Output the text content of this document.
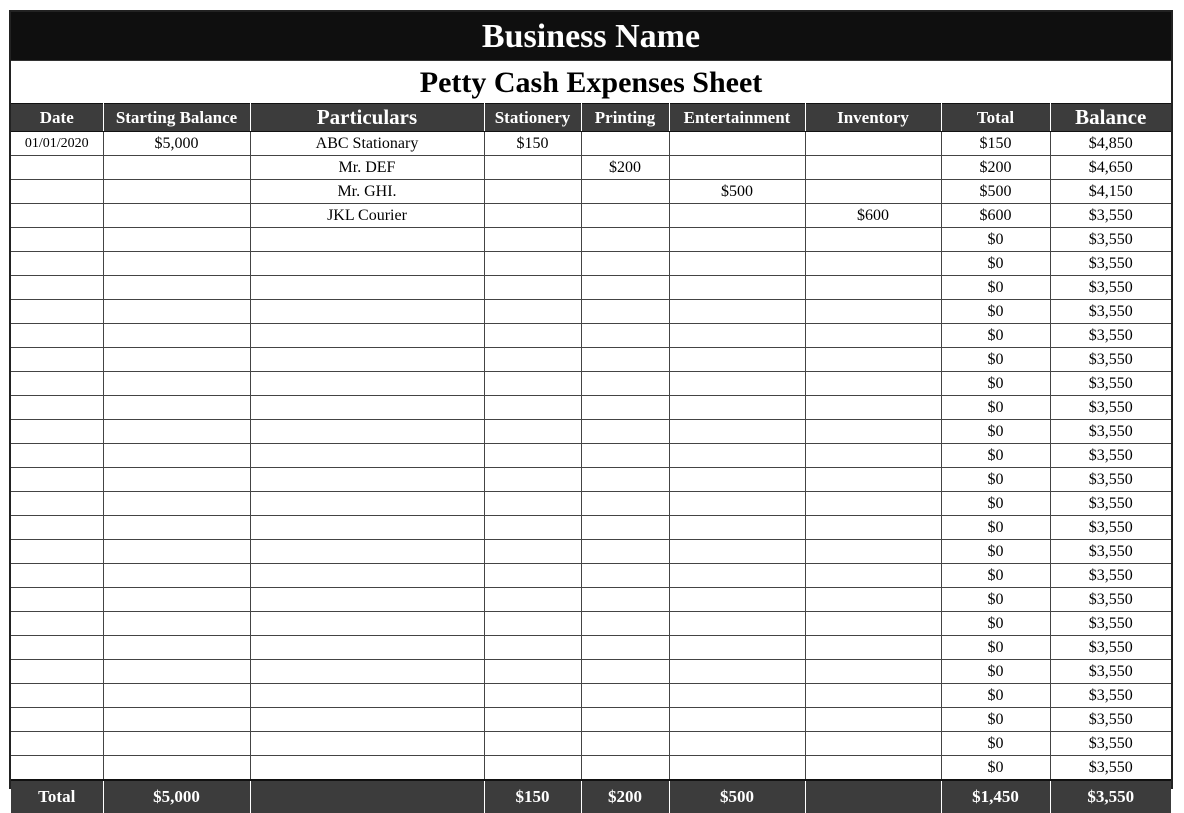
Business Name
Petty Cash Expenses Sheet
Date	Starting Balance	Particulars	Stationery	Printing	Entertainment	Inventory	Total	Balance
01/01/2020	$5,000	ABC Stationary	$150				$150	$4,850
		Mr. DEF		$200			$200	$4,650
		Mr. GHI.			$500		$500	$4,150
		JKL Courier				$600	$600	$3,550
							$0	$3,550
							$0	$3,550
							$0	$3,550
							$0	$3,550
							$0	$3,550
							$0	$3,550
							$0	$3,550
							$0	$3,550
							$0	$3,550
							$0	$3,550
							$0	$3,550
							$0	$3,550
							$0	$3,550
							$0	$3,550
							$0	$3,550
							$0	$3,550
							$0	$3,550
							$0	$3,550
							$0	$3,550
							$0	$3,550
							$0	$3,550
							$0	$3,550
							$0	$3,550
Total	$5,000		$150	$200	$500		$1,450	$3,550
